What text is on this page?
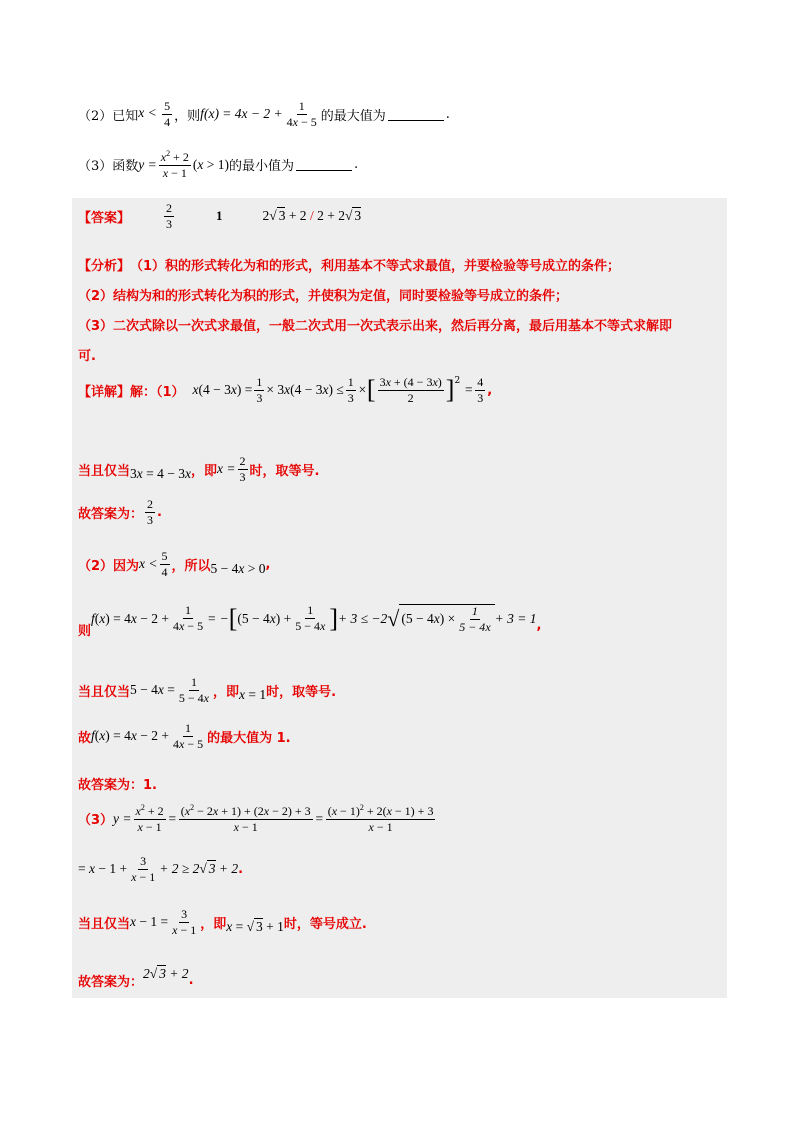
（2） 已知 $x < \frac{5}{4}$ ，则 f ( x ) = 4 $x - 2 + \frac{1}{4x - 5}$ 的最大值为	.
（3） 函数 $y = \frac{x^2 + 2}{x - 1} (x > 1)$ 的最小值为	.
【答案】	$\frac{2}{3}$	1	2√ 3 + 2 / 2 + 2√ 3
【分析】 （1）积的形式转化为和的形式，利用基本不等式求最值，并要检验等号成立的条件；
（2）结构为和的形式转化为积的形式，并使积为定值，同时要检验等号成立的条件；
（3）二次式除以一次式求最值，一般二次式用一次式表示出来，然后再分离，最后用基本不等式求解即
可.
【详解】解：（1） $x(4 - 3x) = \frac{1}{3} \times 3x(4 - 3x) \le \frac{1}{3}$ × [ $\frac{3x + (4 - 3x)}{2} ]^2$
= $\frac{4}{3}$ ,
当且仅当 3x = 4 − 3x ，即 $x = \frac{2}{3}$ 时，取等号.
故答案为： $\frac{2}{3}$ .
（2）因为 $x < \frac{5}{4}$ ，所以 5 − 4x > 0 ,
则
$f(x) = 4x - 2 + \frac{1}{4x - 5}$ = − [ $(5 - 4x) + \frac{1}{5 - 4x}$ ] + 3 ≤ −2 √ (5 − 4 x ) × $\frac{1}{5 - 4x} + 3 = 1$ ,
当且仅当 $5 - 4x = \frac{1}{5 - 4x}$ ，即 x = 1 时，取等号.
故 $f(x) = 4x - 2 + \frac{1}{4x - 5}$ 的最大值为 1.
故答案为：1.
（3） $y = \frac{x^2 + 2}{x - 1} = \frac{(x^2 - 2x + 1) + (2x - 2) + 3}{x - 1} = \frac{(x - 1)^2 + 2(x - 1) + 3}{x - 1}$
= $x - 1 + \frac{3}{x - 1} + 2 \ge 2√$ 3 + 2 .
当且仅当 $x - 1 = \frac{3}{x - 1}$ ，即 x = √ 3 + 1 时，等号成立.
故答案为：
2√ 3 + 2 .
